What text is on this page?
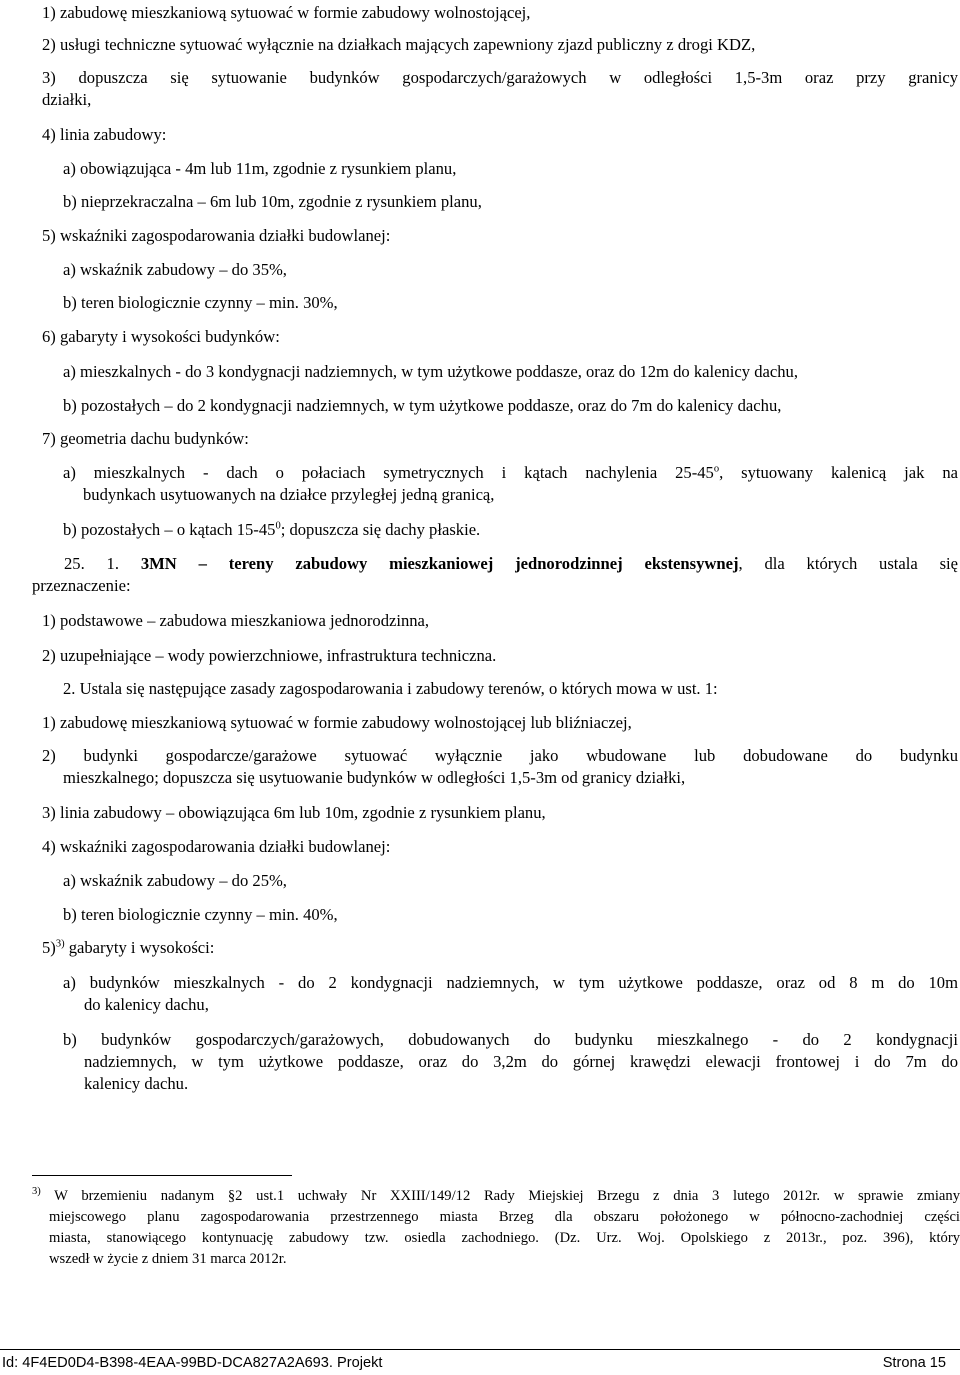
1) zabudowę mieszkaniową sytuować w formie zabudowy wolnostojącej,
2) usługi techniczne sytuować wyłącznie na działkach mających zapewniony zjazd publiczny z drogi KDZ,
3) dopuszcza się sytuowanie budynków gospodarczych/garażowych w odległości 1,5-3m oraz przy granicy
działki,
4) linia zabudowy:
a) obowiązująca - 4m lub 11m, zgodnie z rysunkiem planu,
b) nieprzekraczalna – 6m lub 10m, zgodnie z rysunkiem planu,
5) wskaźniki zagospodarowania działki budowlanej:
a) wskaźnik zabudowy – do 35%,
b) teren biologicznie czynny – min. 30%,
6) gabaryty i wysokości budynków:
a) mieszkalnych - do 3 kondygnacji nadziemnych, w tym użytkowe poddasze, oraz do 12m do kalenicy dachu,
b) pozostałych – do 2 kondygnacji nadziemnych, w tym użytkowe poddasze, oraz do 7m do kalenicy dachu,
7) geometria dachu budynków:
a) mieszkalnych - dach o połaciach symetrycznych i kątach nachylenia 25-45$^o$, sytuowany kalenicą jak na
budynkach usytuowanych na działce przyległej jedną granicą,
b) pozostałych – o kątach $15-45^0$; dopuszcza się dachy płaskie.
25. 1. 3MN – tereny zabudowy mieszkaniowej jednorodzinnej ekstensywnej, dla których ustala się
przeznaczenie:
1) podstawowe – zabudowa mieszkaniowa jednorodzinna,
2) uzupełniające – wody powierzchniowe, infrastruktura techniczna.
2. Ustala się następujące zasady zagospodarowania i zabudowy terenów, o których mowa w ust. 1:
1) zabudowę mieszkaniową sytuować w formie zabudowy wolnostojącej lub bliźniaczej,
2) budynki gospodarcze/garażowe sytuować wyłącznie jako wbudowane lub dobudowane do budynku
mieszkalnego; dopuszcza się usytuowanie budynków w odległości 1,5-3m od granicy działki,
3) linia zabudowy – obowiązująca 6m lub 10m, zgodnie z rysunkiem planu,
4) wskaźniki zagospodarowania działki budowlanej:
a) wskaźnik zabudowy – do 25%,
b) teren biologicznie czynny – min. 40%,
5)$^{3)}$ gabaryty i wysokości:
a) budynków mieszkalnych - do 2 kondygnacji nadziemnych, w tym użytkowe poddasze, oraz od 8 m do 10m
do kalenicy dachu,
b) budynków gospodarczych/garażowych, dobudowanych do budynku mieszkalnego - do 2 kondygnacji
nadziemnych, w tym użytkowe poddasze, oraz do 3,2m do górnej krawędzi elewacji frontowej i do 7m do
kalenicy dachu.
$^{3)}$ W brzemieniu nadanym §2 ust.1 uchwały Nr XXIII/149/12 Rady Miejskiej Brzegu z dnia 3 lutego 2012r. w sprawie zmiany
miejscowego planu zagospodarowania przestrzennego miasta Brzeg dla obszaru położonego w północno-zachodniej części
miasta, stanowiącego kontynuację zabudowy tzw. osiedla zachodniego. (Dz. Urz. Woj. Opolskiego z 2013r., poz. 396), który
wszedł w życie z dniem 31 marca 2012r.
Id: 4F4ED0D4-B398-4EAA-99BD-DCA827A2A693. Projekt	Strona 15
